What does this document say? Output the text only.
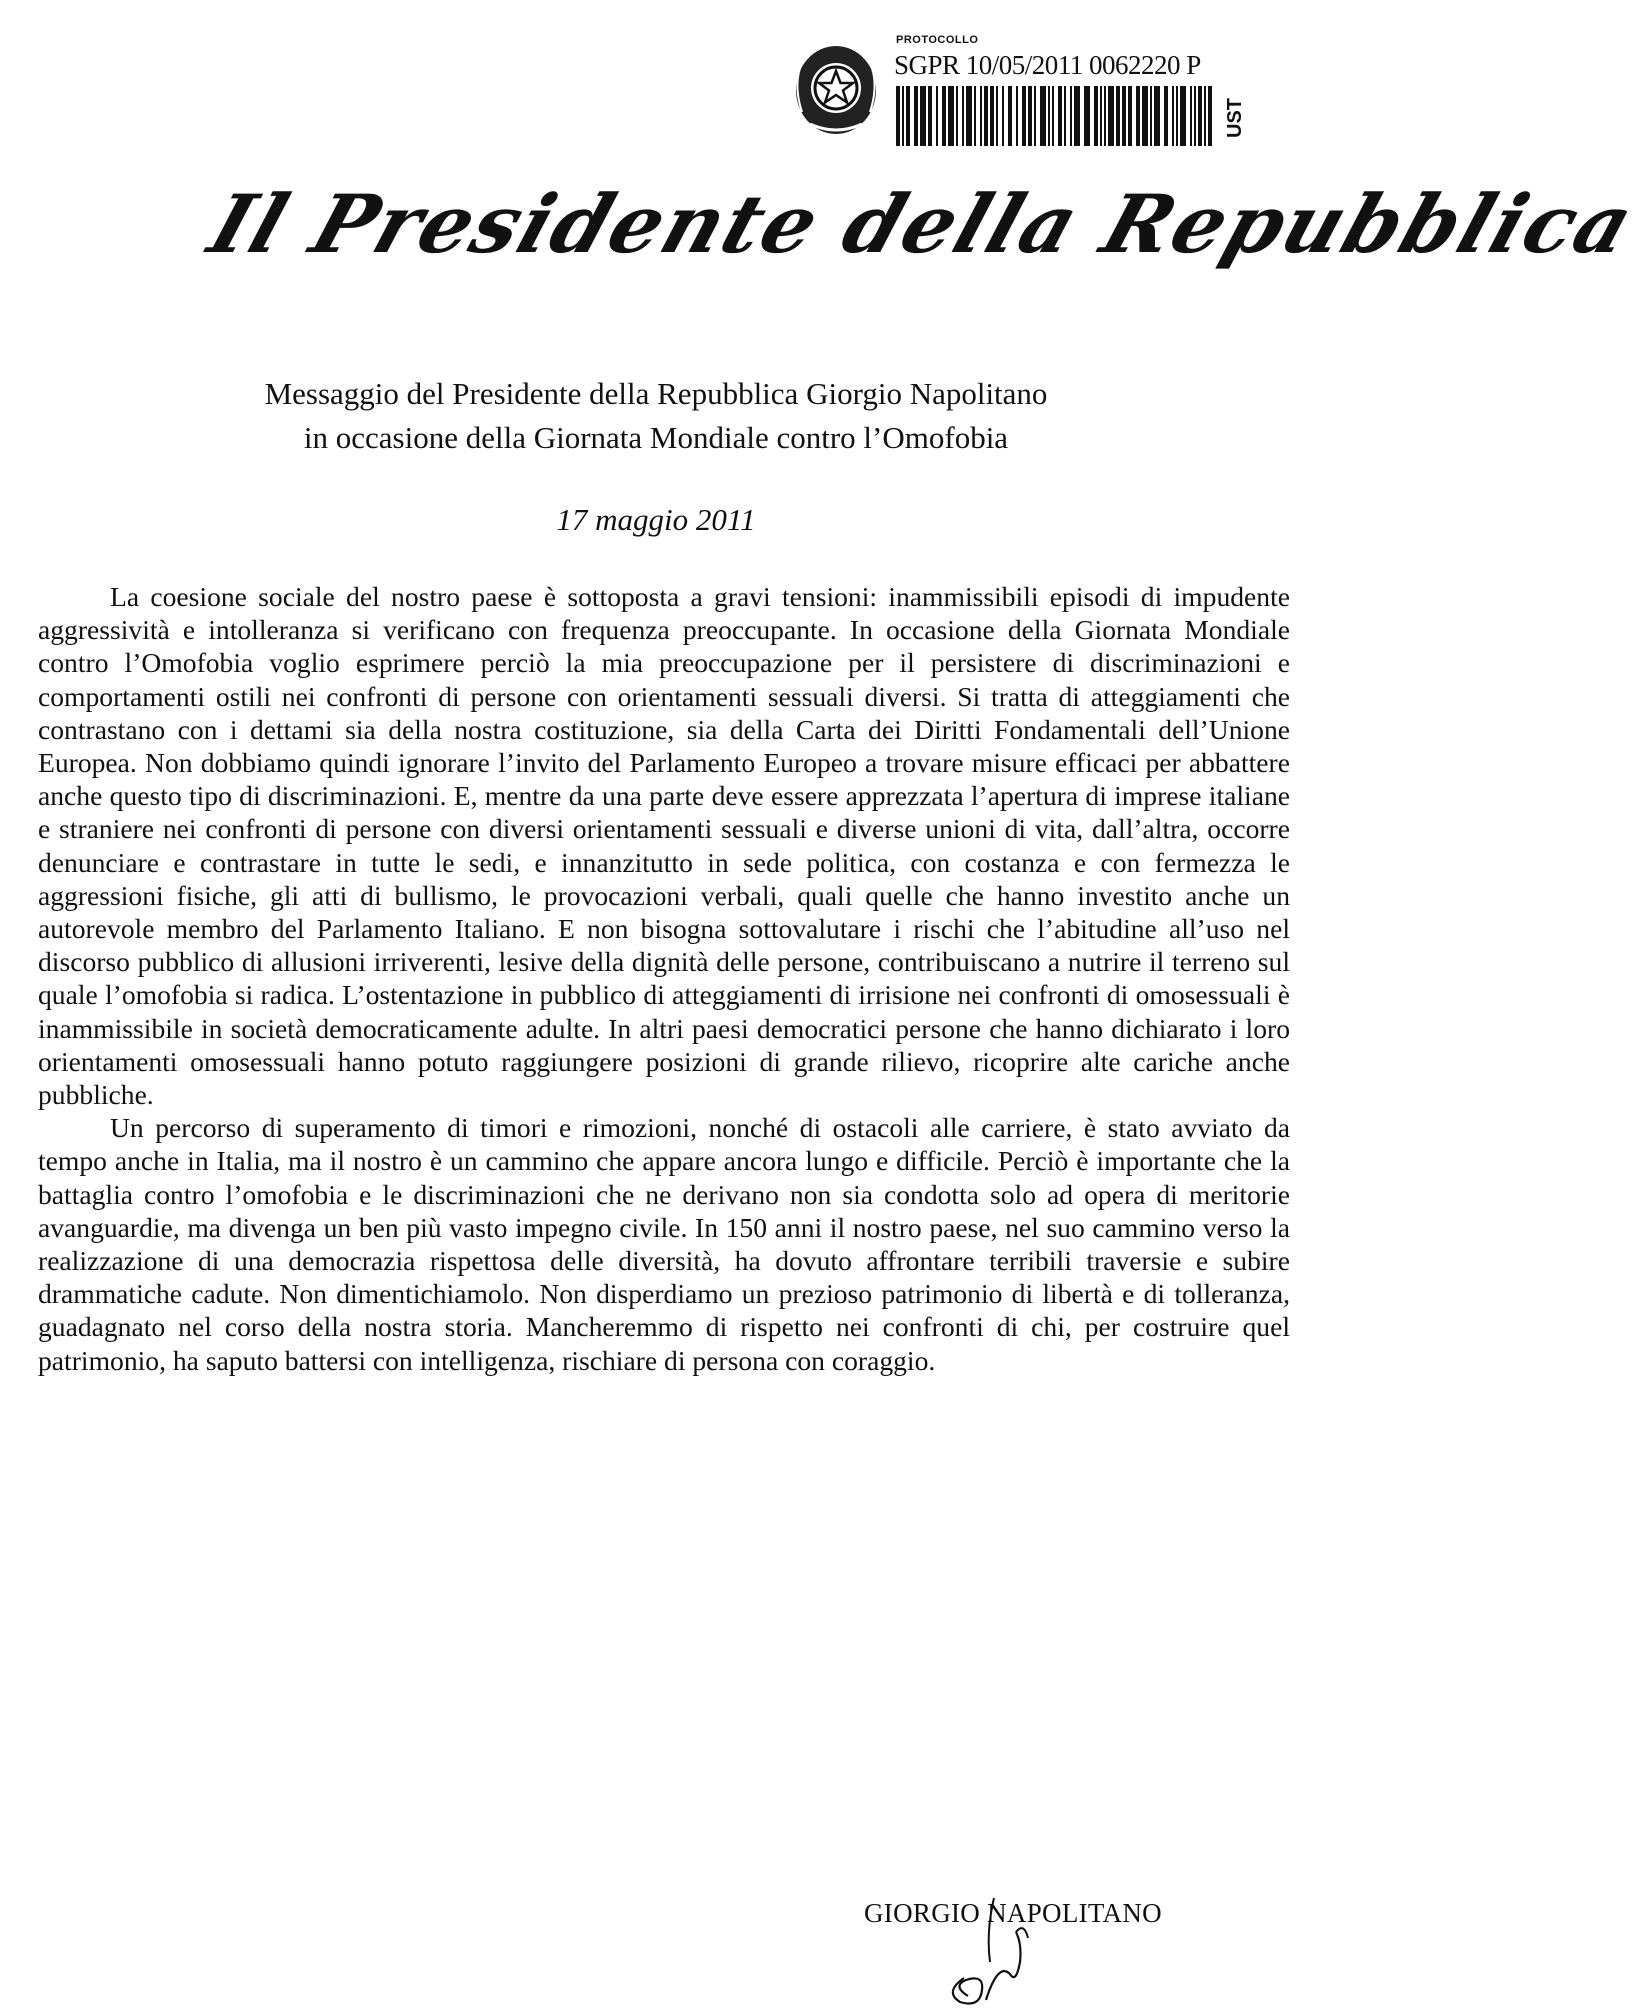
PROTOCOLLO
SGPR 10/05/2011 0062220 P
UST
Il Presidente della Repubblica
Messaggio del Presidente della Repubblica Giorgio Napolitano
in occasione della Giornata Mondiale contro l’Omofobia
17 maggio 2011

La coesione sociale del nostro paese è sottoposta a gravi tensioni: inammissibili episodi di impudente aggressività e intolleranza si verificano con frequenza preoccupante. In occasione della Giornata Mondiale contro l’Omofobia voglio esprimere perciò la mia preoccupazione per il persistere di discriminazioni e comportamenti ostili nei confronti di persone con orientamenti sessuali diversi. Si tratta di atteggiamenti che contrastano con i dettami sia della nostra costituzione, sia della Carta dei Diritti Fondamentali dell’Unione Europea. Non dobbiamo quindi ignorare l’invito del Parlamento Europeo a trovare misure efficaci per abbattere anche questo tipo di discriminazioni. E, mentre da una parte deve essere apprezzata l’apertura di imprese italiane e straniere nei confronti di persone con diversi orientamenti sessuali e diverse unioni di vita, dall’altra, occorre denunciare e contrastare in tutte le sedi, e innanzitutto in sede politica, con costanza e con fermezza le aggressioni fisiche, gli atti di bullismo, le provocazioni verbali, quali quelle che hanno investito anche un autorevole membro del Parlamento Italiano. E non bisogna sottovalutare i rischi che l’abitudine all’uso nel discorso pubblico di allusioni irriverenti, lesive della dignità delle persone, contribuiscano a nutrire il terreno sul quale l’omofobia si radica. L’ostentazione in pubblico di atteggiamenti di irrisione nei confronti di omosessuali è inammissibile in società democraticamente adulte. In altri paesi democratici persone che hanno dichiarato i loro orientamenti omosessuali hanno potuto raggiungere posizioni di grande rilievo, ricoprire alte cariche anche pubbliche.

Un percorso di superamento di timori e rimozioni, nonché di ostacoli alle carriere, è stato avviato da tempo anche in Italia, ma il nostro è un cammino che appare ancora lungo e difficile. Perciò è importante che la battaglia contro l’omofobia e le discriminazioni che ne derivano non sia condotta solo ad opera di meritorie avanguardie, ma divenga un ben più vasto impegno civile. In 150 anni il nostro paese, nel suo cammino verso la realizzazione di una democrazia rispettosa delle diversità, ha dovuto affrontare terribili traversie e subire drammatiche cadute. Non dimentichiamolo. Non disperdiamo un prezioso patrimonio di libertà e di tolleranza, guadagnato nel corso della nostra storia. Mancheremmo di rispetto nei confronti di chi, per costruire quel patrimonio, ha saputo battersi con intelligenza, rischiare di persona con coraggio.

GIORGIO NAPOLITANO
